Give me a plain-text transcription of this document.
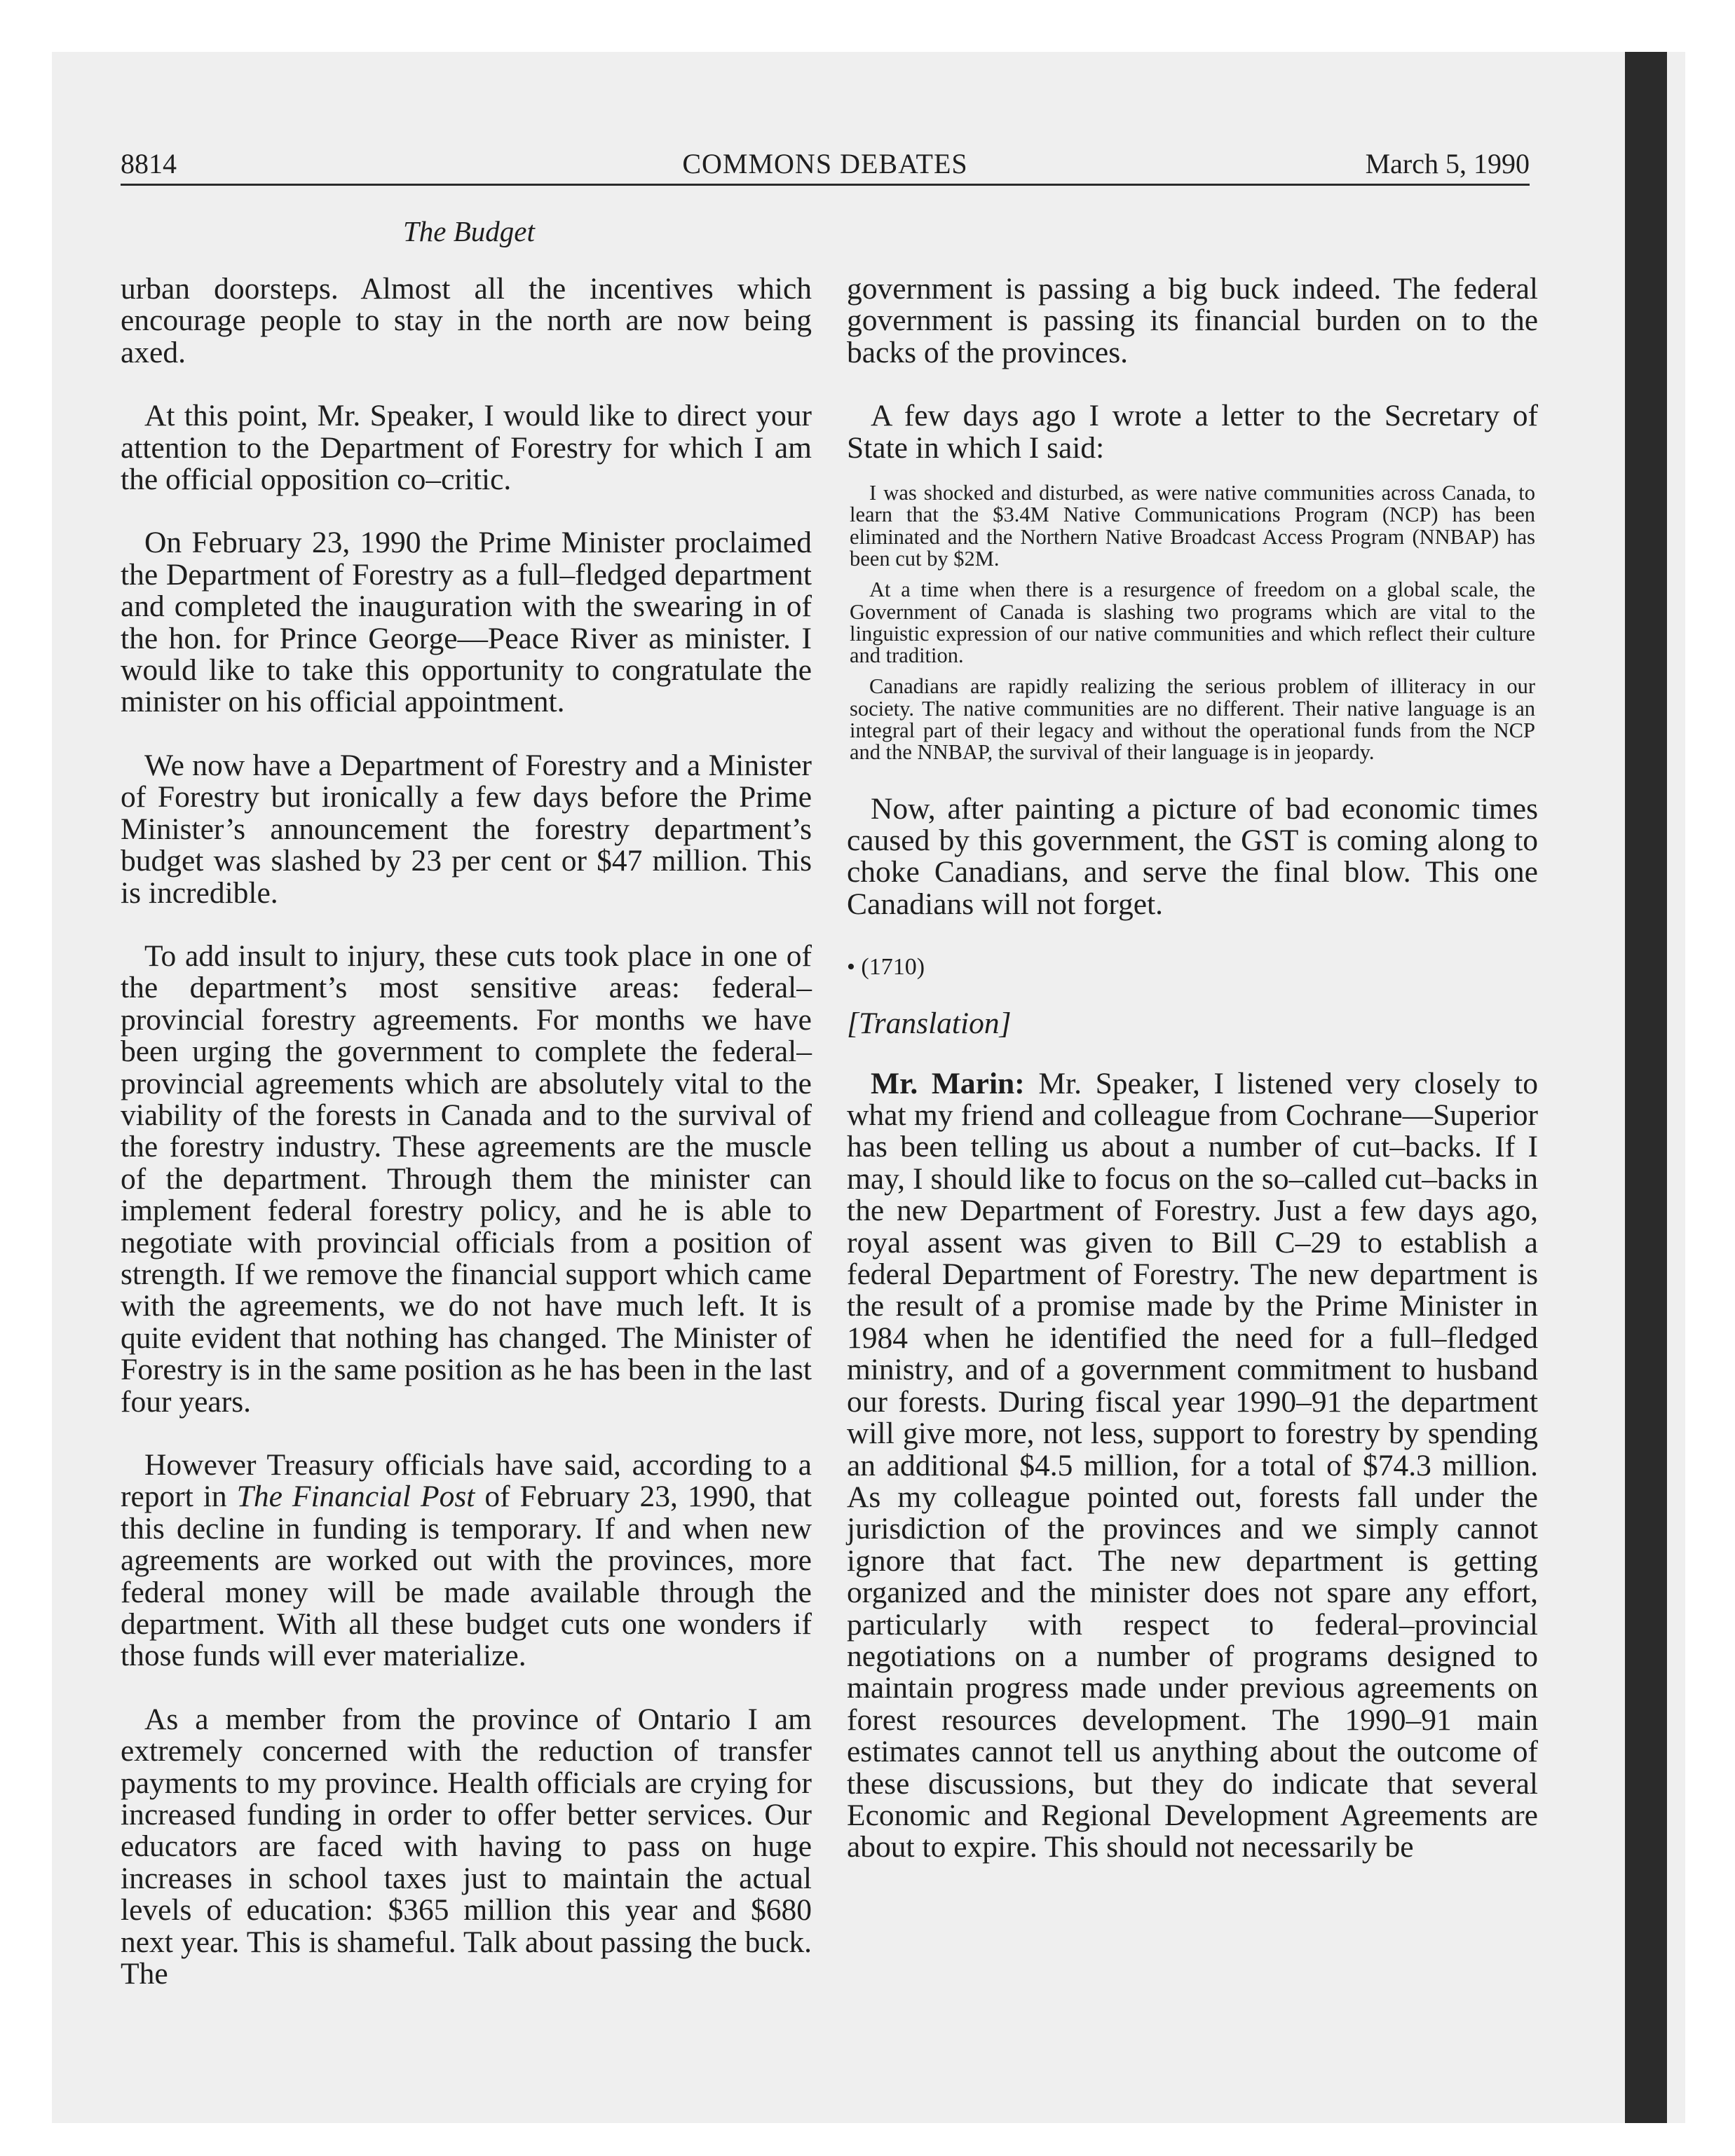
8814	COMMONS DEBATES	March 5, 1990
The Budget

urban doorsteps. Almost all the incentives which encourage people to stay in the north are now being axed.

At this point, Mr. Speaker, I would like to direct your attention to the Department of Forestry for which I am the official opposition co–critic.

On February 23, 1990 the Prime Minister proclaimed the Department of Forestry as a full–fledged department and completed the inauguration with the swearing in of the hon. for Prince George—Peace River as minister. I would like to take this opportunity to congratulate the minister on his official appointment.

We now have a Department of Forestry and a Minister of Forestry but ironically a few days before the Prime Minister’s announcement the forestry department’s budget was slashed by 23 per cent or $47 million. This is incredible.

To add insult to injury, these cuts took place in one of the department’s most sensitive areas: federal–provincial forestry agreements. For months we have been urging the government to complete the federal–provincial agreements which are absolutely vital to the viability of the forests in Canada and to the survival of the forestry industry. These agreements are the muscle of the department. Through them the minister can implement federal forestry policy, and he is able to negotiate with provincial officials from a position of strength. If we remove the financial support which came with the agreements, we do not have much left. It is quite evident that nothing has changed. The Minister of Forestry is in the same position as he has been in the last four years.

However Treasury officials have said, according to a report in The Financial Post of February 23, 1990, that this decline in funding is temporary. If and when new agreements are worked out with the provinces, more federal money will be made available through the department. With all these budget cuts one wonders if those funds will ever materialize.

As a member from the province of Ontario I am extremely concerned with the reduction of transfer payments to my province. Health officials are crying for increased funding in order to offer better services. Our educators are faced with having to pass on huge increases in school taxes just to maintain the actual levels of education: $365 million this year and $680 next year. This is shameful. Talk about passing the buck. The

government is passing a big buck indeed. The federal government is passing its financial burden on to the backs of the provinces.

A few days ago I wrote a letter to the Secretary of State in which I said:

I was shocked and disturbed, as were native communities across Canada, to learn that the $3.4M Native Communications Program (NCP) has been eliminated and the Northern Native Broadcast Access Program (NNBAP) has been cut by $2M.

At a time when there is a resurgence of freedom on a global scale, the Government of Canada is slashing two programs which are vital to the linguistic expression of our native communities and which reflect their culture and tradition.

Canadians are rapidly realizing the serious problem of illiteracy in our society. The native communities are no different. Their native language is an integral part of their legacy and without the operational funds from the NCP and the NNBAP, the survival of their language is in jeopardy.

Now, after painting a picture of bad economic times caused by this government, the GST is coming along to choke Canadians, and serve the final blow. This one Canadians will not forget.

• (1710)

[Translation]

Mr. Marin: Mr. Speaker, I listened very closely to what my friend and colleague from Cochrane—Superior has been telling us about a number of cut–backs. If I may, I should like to focus on the so–called cut–backs in the new Department of Forestry. Just a few days ago, royal assent was given to Bill C–29 to establish a federal Department of Forestry. The new department is the result of a promise made by the Prime Minister in 1984 when he identified the need for a full–fledged ministry, and of a government commitment to husband our forests. During fiscal year 1990–91 the department will give more, not less, support to forestry by spending an additional $4.5 million, for a total of $74.3 million. As my colleague pointed out, forests fall under the jurisdiction of the provinces and we simply cannot ignore that fact. The new department is getting organized and the minister does not spare any effort, particularly with respect to federal–provincial negotiations on a number of programs designed to maintain progress made under previous agreements on forest resources development. The 1990–91 main estimates cannot tell us anything about the outcome of these discussions, but they do indicate that several Economic and Regional Development Agreements are about to expire. This should not necessarily be
